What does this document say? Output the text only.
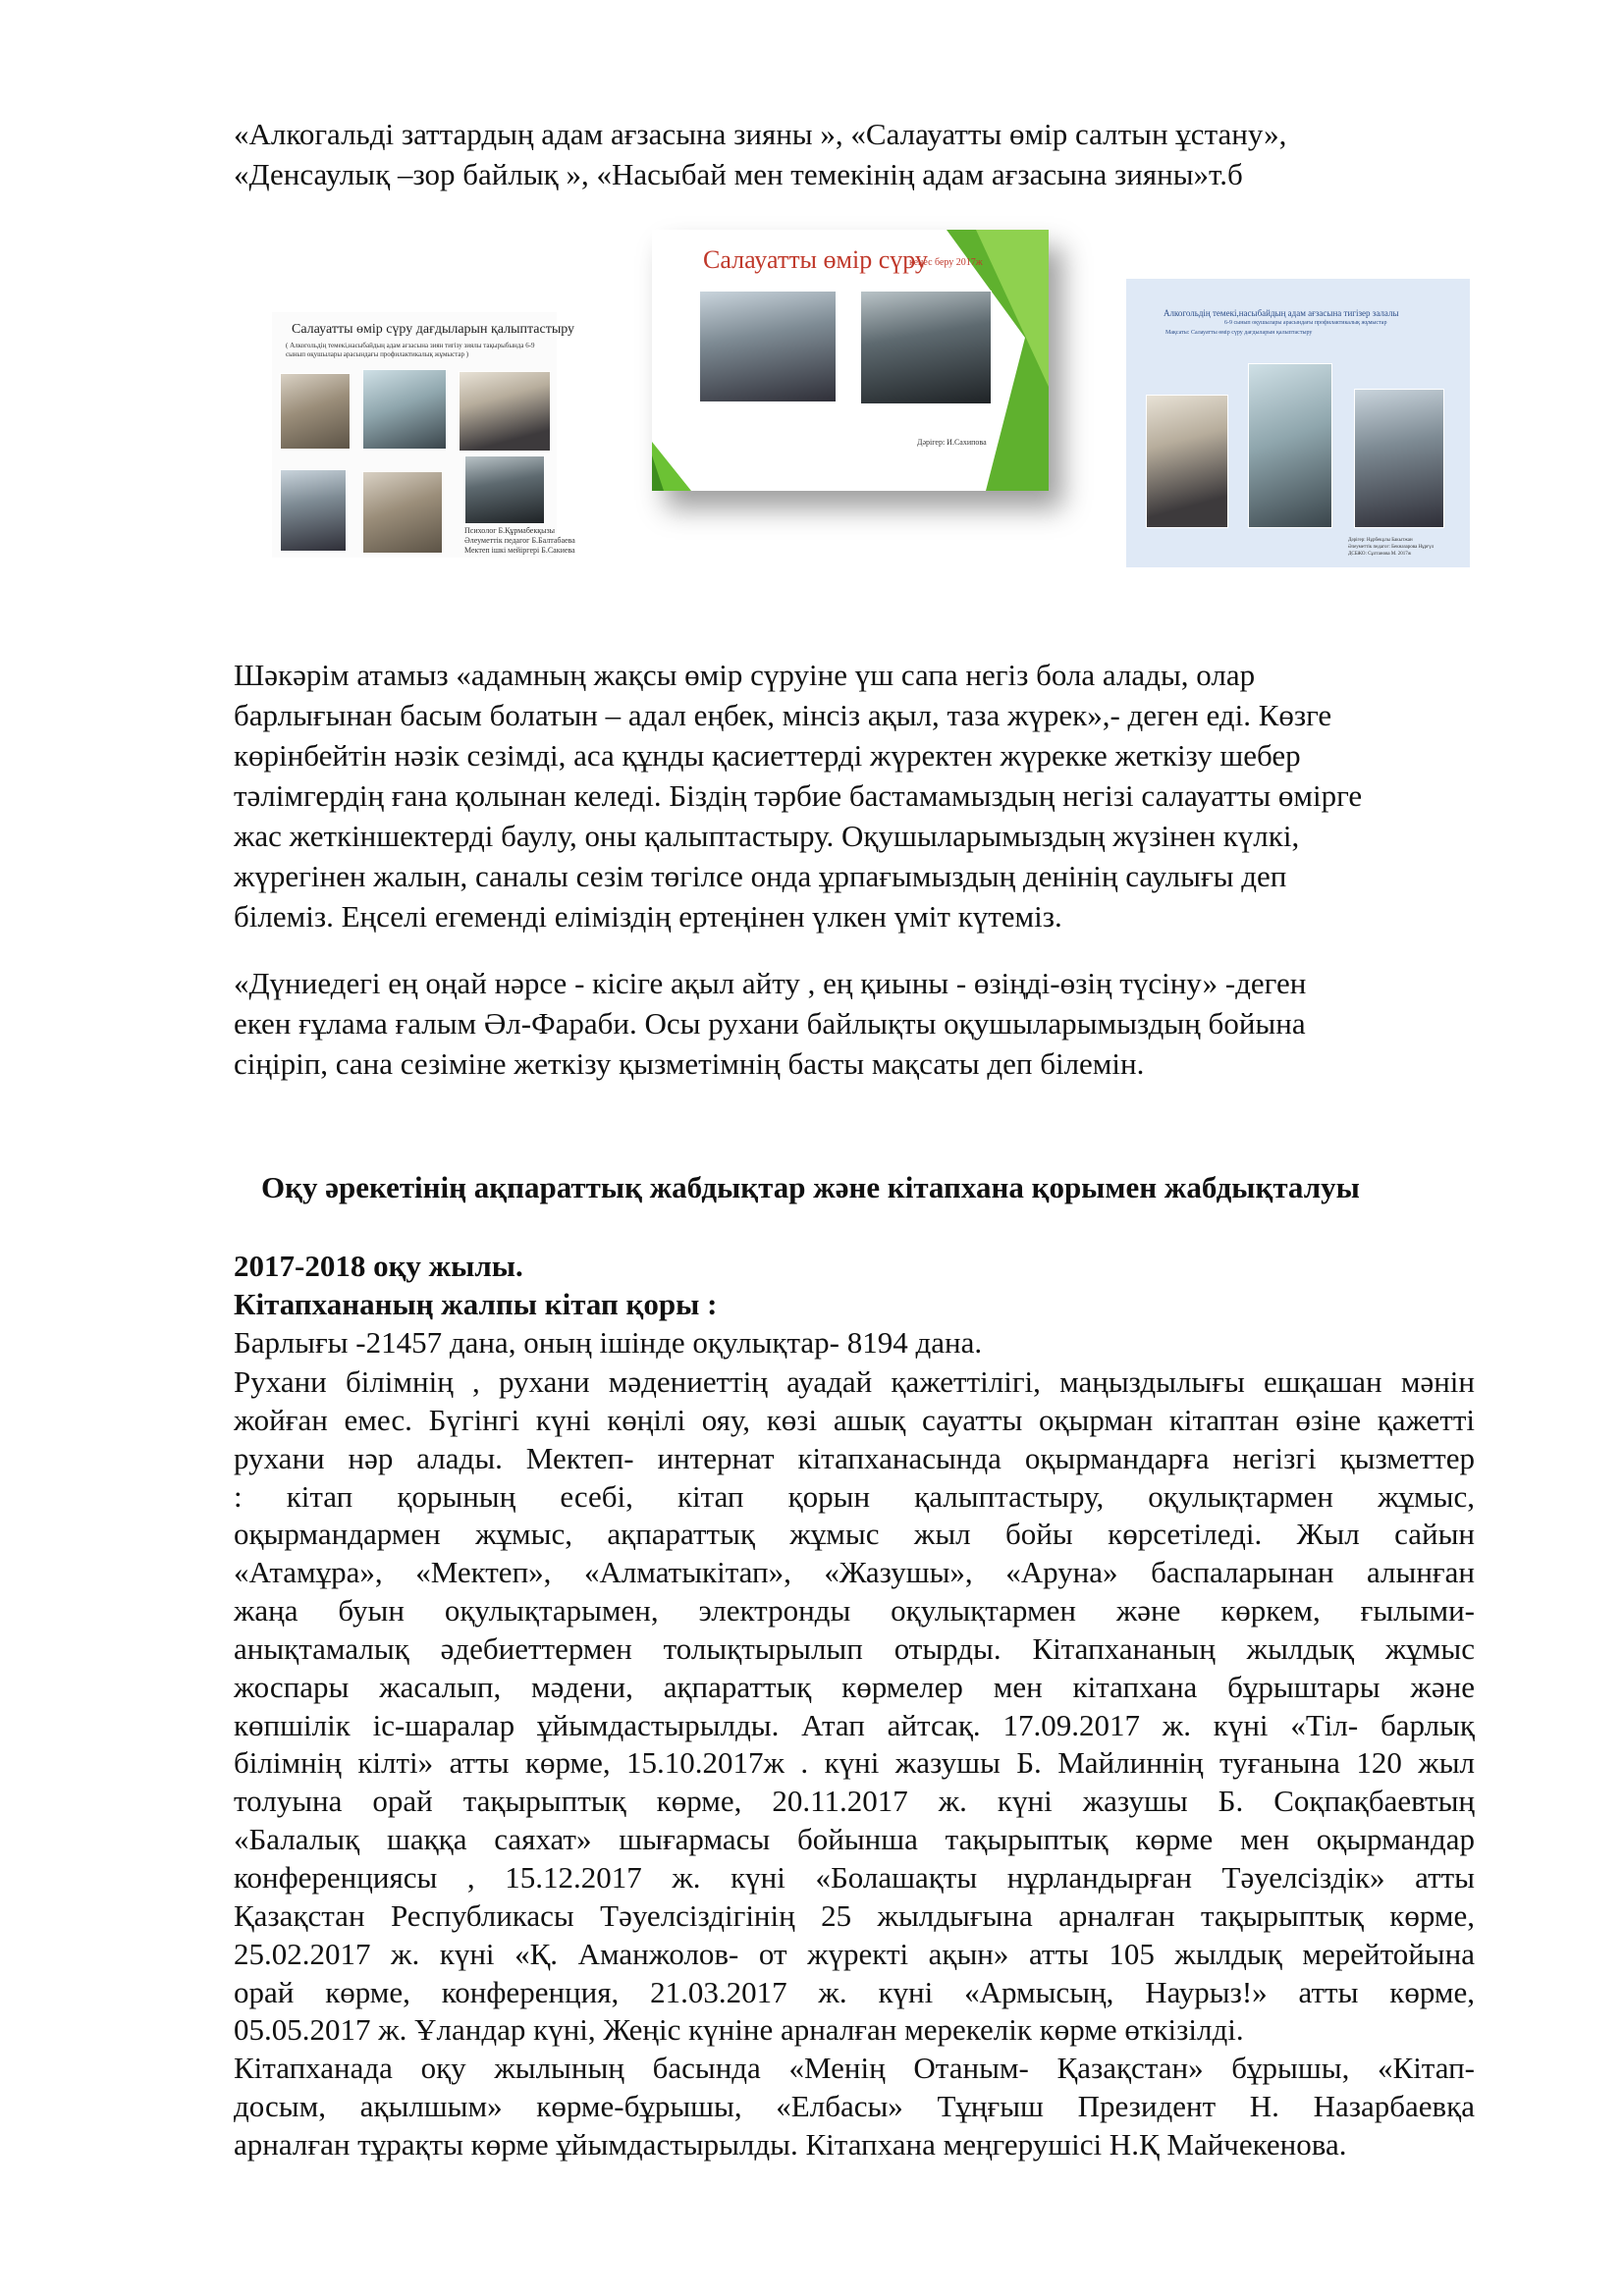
«Алкогальді заттардың адам ағзасына зияны », «Салауатты өмір салтын ұстану»,
«Денсаулық –зор байлық », «Насыбай мен темекінің адам ағзасына зияны»т.б
Салауатты өмір сүру дағдыларын қалыптастыру
( Алкогольдің темекі,насыбайдың адам ағзасына зиян тигізу зиялы тақырыбында 6-9 сынып оқушылары арасындағы профилактикалық жұмыстар )
Психолог Б.Құрмабекқызы
Әлеуметтік педагог Б.Балтабаева
Мектеп ішкі мейіргері Б.Сакиева
Салауатты өмір сүру
кеңес беру 2017ж
Дәрігер: И.Сахипова
Алкогольдің темекі,насыбайдың адам ағзасына тигізер залалы
6-9 сынып оқушылары арасындағы профилактикалық жұмыстар
Мақсаты: Салауатты өмір сүру дағдыларын қалыптастыру
Дәрігер: Нұрбекұлы Бакытжан
Әлеуметтік педагог: Бекназарова Нұрғүл
ДСБЖО: Сұлтанова М. 2017ж
Шәкәрім атамыз «адамның жақсы өмір сүруіне үш сапа негіз бола алады, олар
барлығынан басым болатын – адал еңбек, мінсіз ақыл, таза жүрек»,- деген еді. Көзге
көрінбейтін нәзік сезімді, аса құнды қасиеттерді жүректен жүрекке жеткізу шебер
тәлімгердің ғана қолынан келеді. Біздің тәрбие бастамамыздың негізі салауатты өмірге
жас жеткіншектерді баулу, оны қалыптастыру. Оқушыларымыздың жүзінен күлкі,
жүрегінен жалын, саналы сезім төгілсе онда ұрпағымыздың денінің саулығы деп
білеміз. Еңселі егеменді еліміздің ертеңінен үлкен үміт күтеміз.
«Дүниедегі ең оңай нәрсе - кісіге ақыл айту , ең қиыны - өзіңді-өзің түсіну» -деген
екен ғұлама ғалым Әл-Фараби. Осы рухани байлықты оқушыларымыздың бойына
сіңіріп, сана сезіміне жеткізу қызметімнің басты мақсаты деп білемін.
Оқу әрекетінің ақпараттық жабдықтар және кітапхана қорымен жабдықталуы
2017-2018 оқу жылы.
Кітапхананың жалпы кітап қоры :
Барлығы -21457 дана, оның ішінде оқулықтар- 8194 дана.
Рухани білімнің , рухани мәдениеттің ауадай қажеттілігі, маңыздылығы ешқашан мәнін
жойған емес. Бүгінгі күні көңілі ояу, көзі ашық сауатты оқырман кітаптан өзіне қажетті
рухани нәр алады. Мектеп- интернат кітапханасында оқырмандарға негізгі қызметтер
: кітап қорының есебі, кітап қорын қалыптастыру, оқулықтармен жұмыс,
оқырмандармен жұмыс, ақпараттық жұмыс жыл бойы көрсетіледі. Жыл сайын
«Атамұра», «Мектеп», «Алматыкітап», «Жазушы», «Аруна» баспаларынан алынған
жаңа буын оқулықтарымен, электронды оқулықтармен және көркем, ғылыми-
анықтамалық әдебиеттермен толықтырылып отырды. Кітапхананың жылдық жұмыс
жоспары жасалып, мәдени, ақпараттық көрмелер мен кітапхана бұрыштары және
көпшілік іс-шаралар ұйымдастырылды. Атап айтсақ. 17.09.2017 ж. күні «Тіл- барлық
білімнің кілті» атты көрме, 15.10.2017ж . күні жазушы Б. Майлиннің туғанына 120 жыл
толуына орай тақырыптық көрме, 20.11.2017 ж. күні жазушы Б. Соқпақбаевтың
«Балалық шаққа саяхат» шығармасы бойынша тақырыптық көрме мен оқырмандар
конференциясы , 15.12.2017 ж. күні «Болашақты нұрландырған Тәуелсіздік» атты
Қазақстан Республикасы Тәуелсіздігінің 25 жылдығына арналған тақырыптық көрме,
25.02.2017 ж. күні «Қ. Аманжолов- от жүректі ақын» атты 105 жылдық мерейтойына
орай көрме, конференция, 21.03.2017 ж. күні «Армысың, Наурыз!» атты көрме,
05.05.2017 ж. Ұландар күні, Жеңіс күніне арналған мерекелік көрме өткізілді.
Кітапханада оқу жылының басында «Менің Отаным- Қазақстан» бұрышы, «Кітап-
досым, ақылшым» көрме-бұрышы, «Елбасы» Тұңғыш Президент Н. Назарбаевқа
арналған тұрақты көрме ұйымдастырылды. Кітапхана меңгерушісі Н.Қ Майчекенова.
